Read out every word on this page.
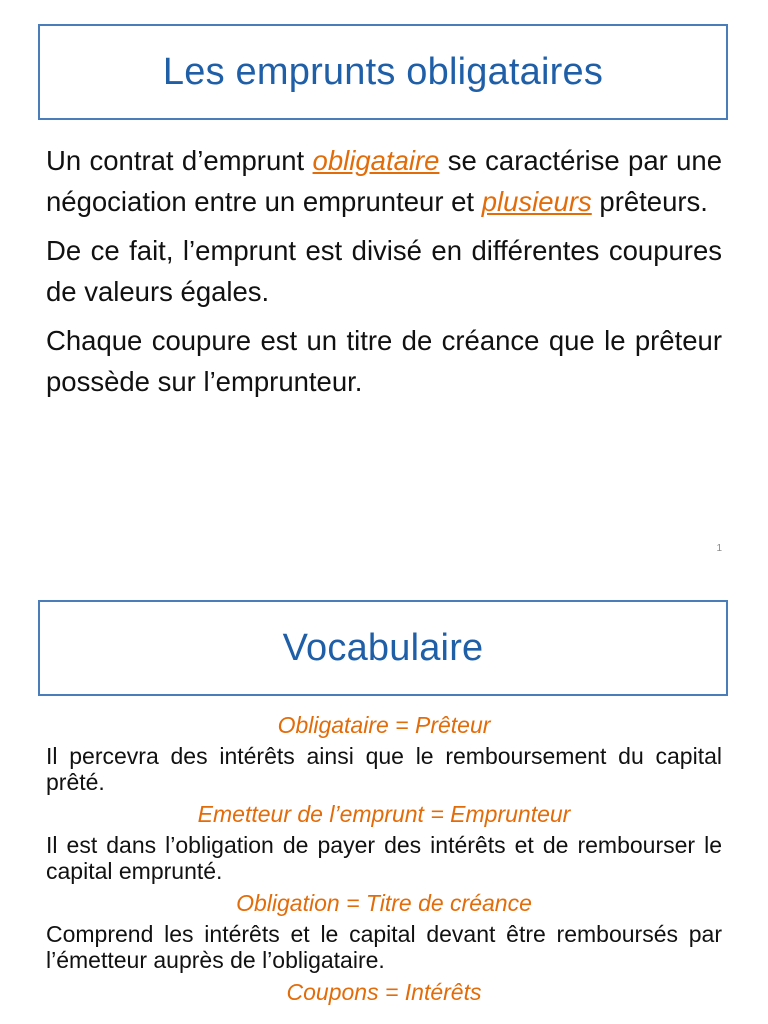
Les emprunts obligataires

Un contrat d’emprunt obligataire se caractérise par une négociation entre un emprunteur et plusieurs prêteurs.

De ce fait, l’emprunt est divisé en différentes coupures de valeurs égales.

Chaque coupure est un titre de créance que le prêteur possède sur l’emprunteur.

1
Vocabulaire
Obligataire = Prêteur
Il percevra des intérêts ainsi que le remboursement du capital prêté.
Emetteur de l’emprunt = Emprunteur
Il est dans l’obligation de payer des intérêts et de rembourser le capital emprunté.
Obligation = Titre de créance
Comprend les intérêts et le capital devant être remboursés par l’émetteur auprès de l’obligataire.
Coupons = Intérêts
